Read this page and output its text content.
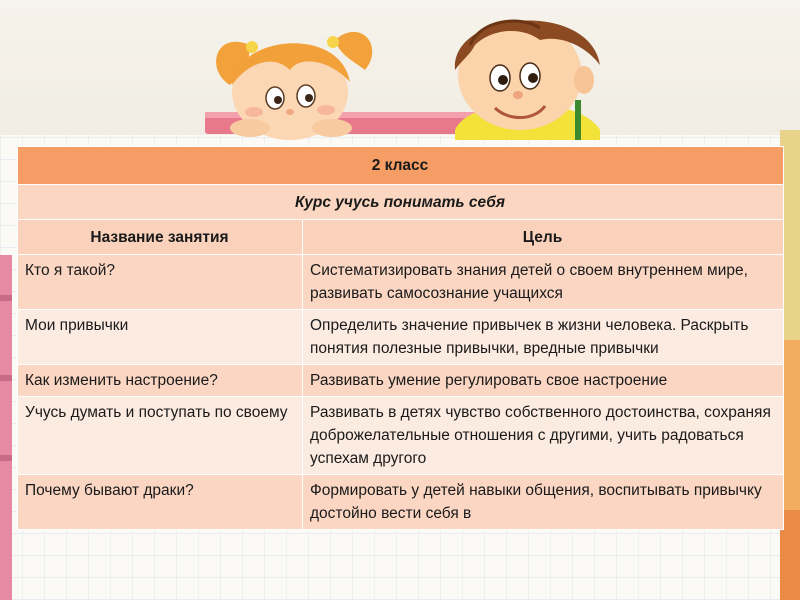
2 класс	
Курс учусь понимать себя	
Название занятия	Цель
Кто я такой?	Систематизировать знания детей о своем внутреннем мире, развивать самосознание учащихся
Мои привычки	Определить значение привычек в жизни человека. Раскрыть понятия полезные привычки, вредные привычки
Как изменить настроение?	Развивать умение регулировать свое настроение
Учусь думать и поступать по своему	Развивать в детях чувство собственного достоинства, сохраняя доброжелательные отношения с другими, учить радоваться успехам другого
Почему бывают драки?	Формировать у детей навыки общения, воспитывать привычку достойно вести себя в
